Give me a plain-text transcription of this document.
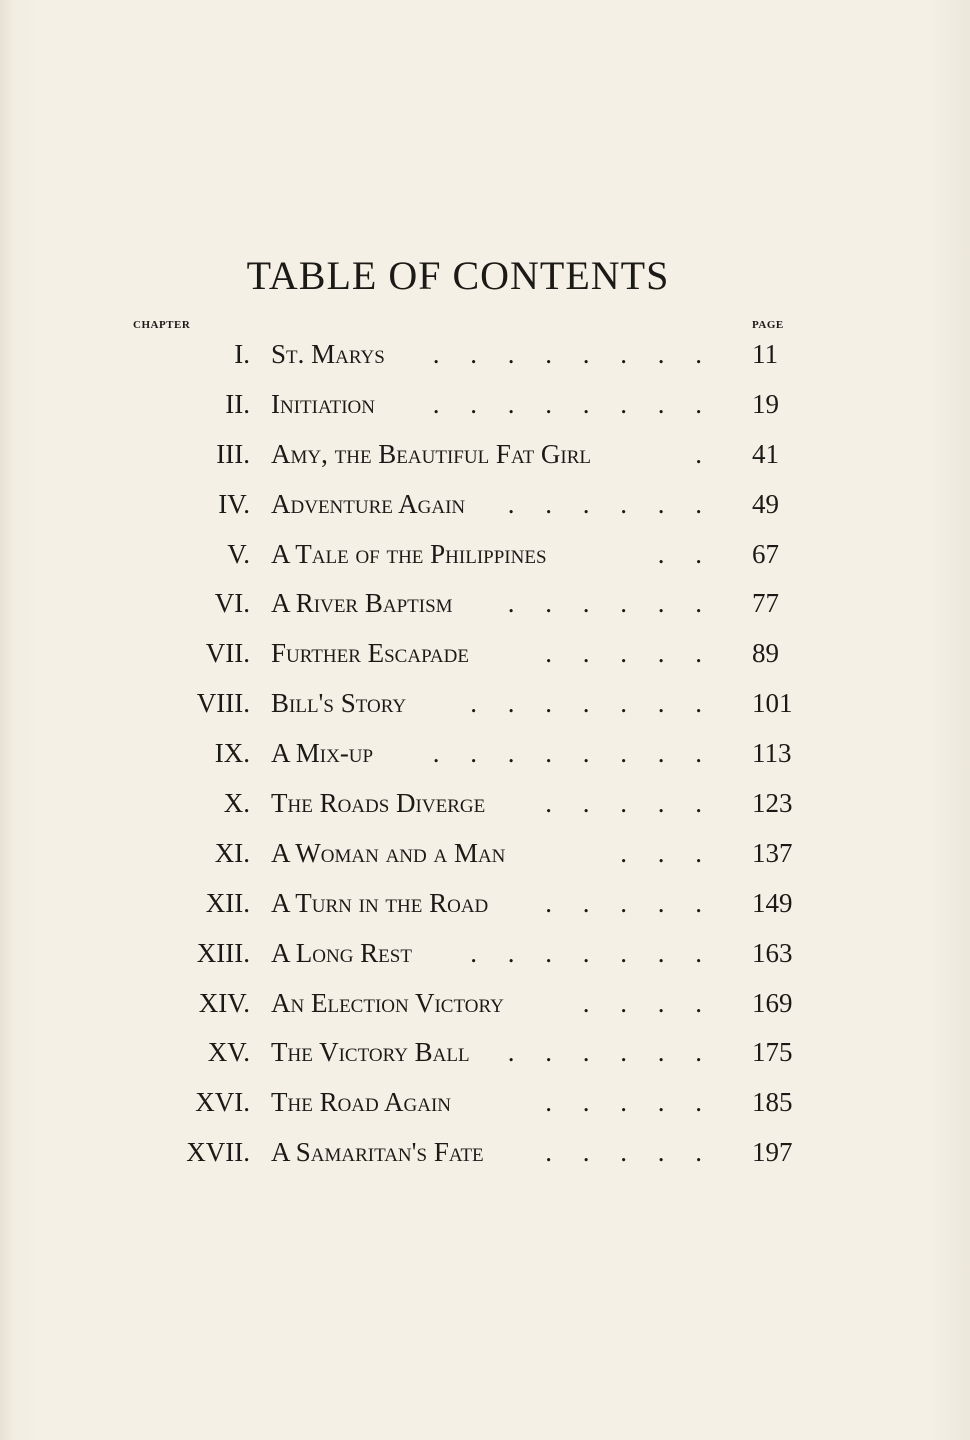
TABLE OF CONTENTS
CHAPTER	PAGE
I. St. Marys . . . . . . . . 11
II. Initiation . . . . . . . . 19
III. Amy, the Beautiful Fat Girl	. 41
IV. Adventure Again . . . . . . 49
V. A Tale of the Philippines	. . 67
VI. A River Baptism . . . . . . 77
VII. Further Escapade	. . . . . 89
VIII. Bill's Story . . . . . . . 101
IX. A Mix-up . . . . . . . . 113
X. The Roads Diverge . . . . . 123
XI. A Woman and a Man	. . . 137
XII. A Turn in the Road . . . . . 149
XIII. A Long Rest . . . . . . . 163
XIV. An Election Victory	. . . . 169
XV. The Victory Ball . . . . . . 175
XVI. The Road Again	. . . . . 185
XVII. A Samaritan's Fate . . . . . 197
